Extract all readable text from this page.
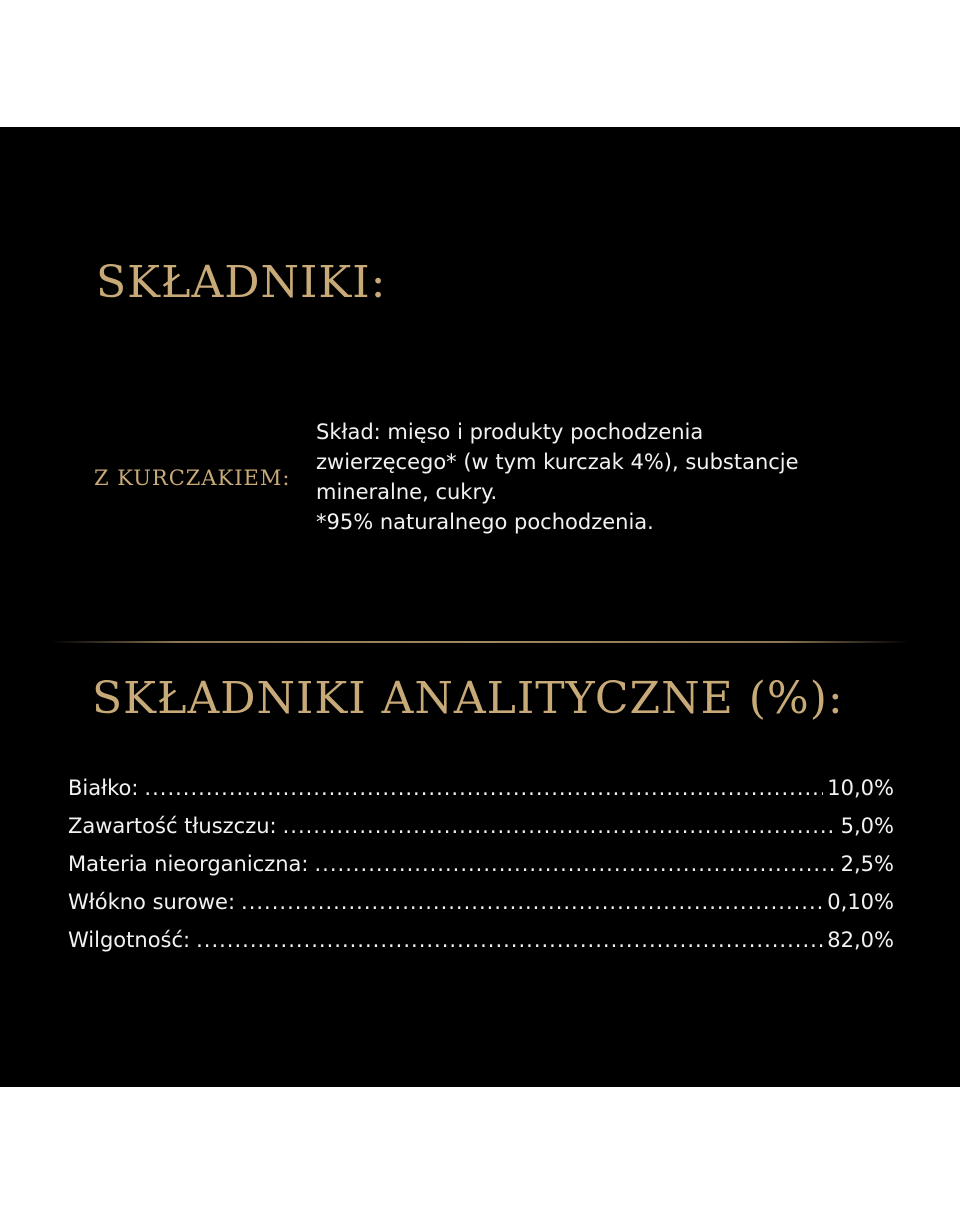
SKŁADNIKI:
Z KURCZAKIEM:
Skład: mięso i produkty pochodzenia
zwierzęcego* (w tym kurczak 4%), substancje
mineralne, cukry.
*95% naturalnego pochodzenia.
SKŁADNIKI ANALITYCZNE (%):
Białko: .....	10,0%
Zawartość tłuszczu: .....	5,0%
Materia nieorganiczna: .....	2,5%
Włókno surowe: .....	0,10%
Wilgotność: .....	82,0%
